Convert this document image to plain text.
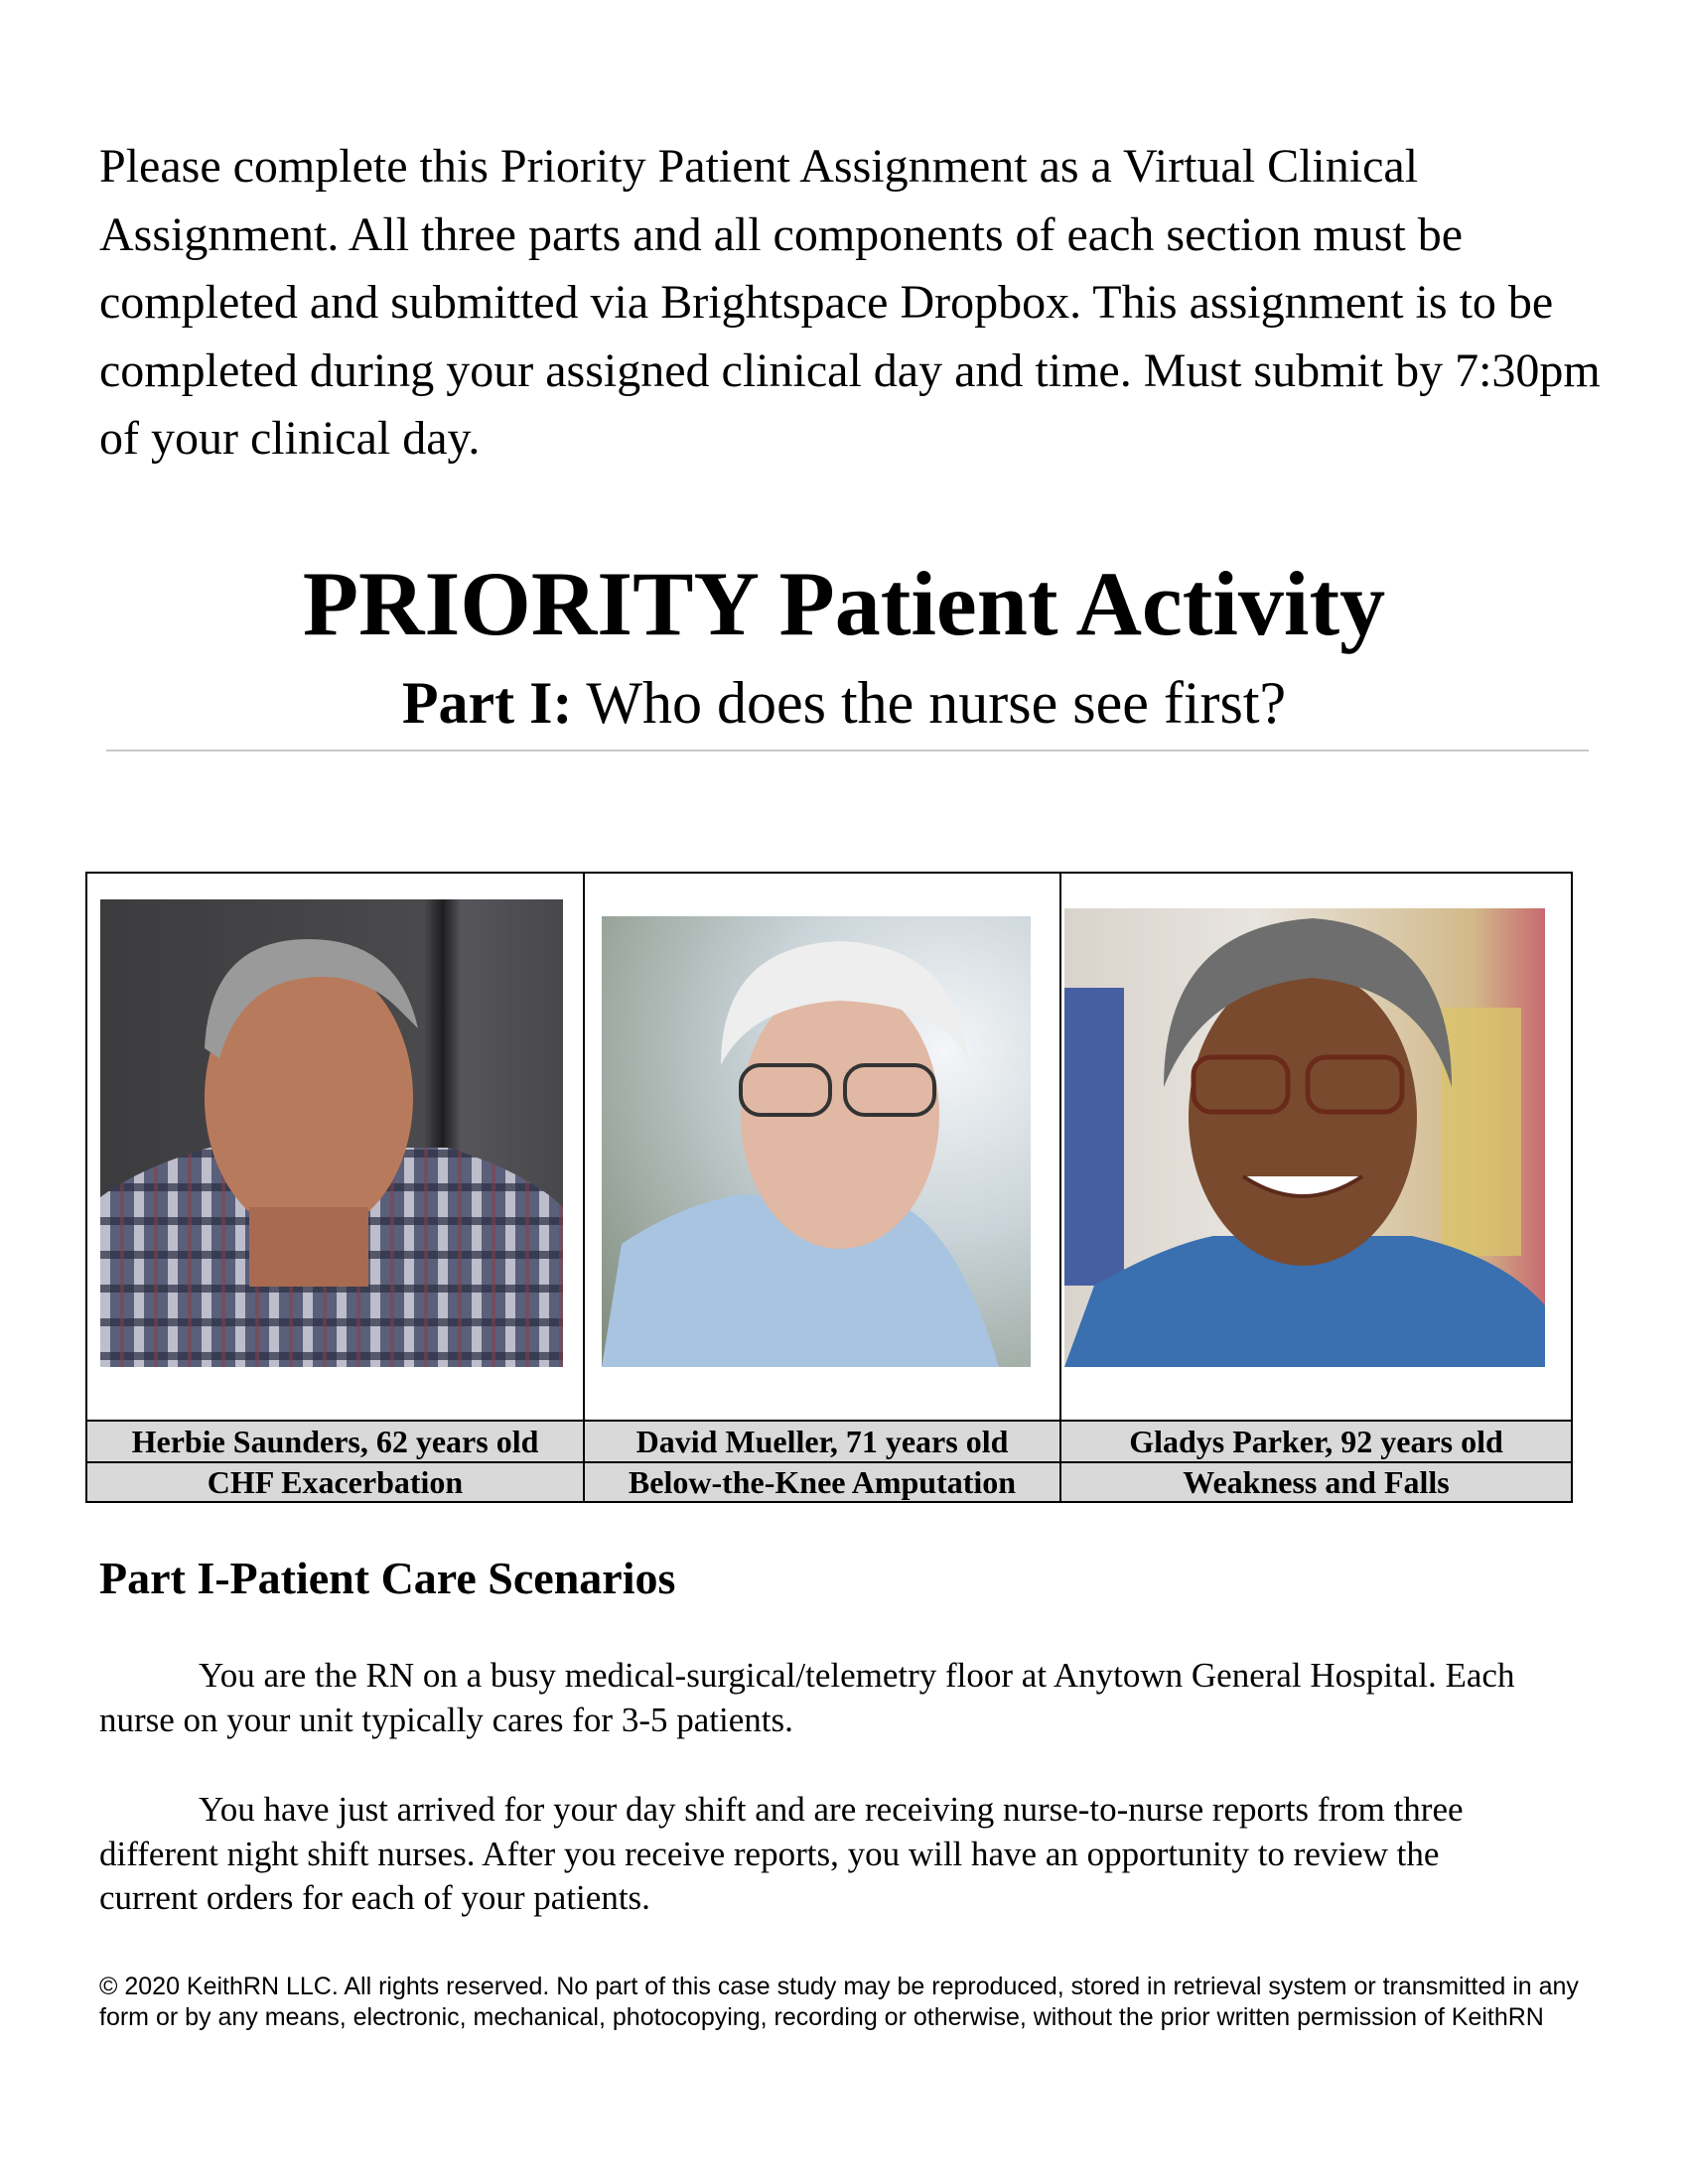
Please complete this Priority Patient Assignment as a Virtual Clinical Assignment. All three parts and all components of each section must be completed and submitted via Brightspace Dropbox. This assignment is to be completed during your assigned clinical day and time. Must submit by 7:30pm of your clinical day.
PRIORITY Patient Activity
Part I: Who does the nurse see first?
Herbie Saunders, 62 years old	David Mueller, 71 years old	Gladys Parker, 92 years old
CHF Exacerbation	Below-the-Knee Amputation	Weakness and Falls
Part I-Patient Care Scenarios
You are the RN on a busy medical-surgical/telemetry floor at Anytown General Hospital. Each nurse on your unit typically cares for 3-5 patients.
You have just arrived for your day shift and are receiving nurse-to-nurse reports from three different night shift nurses. After you receive reports, you will have an opportunity to review the current orders for each of your patients.
© 2020 KeithRN LLC. All rights reserved. No part of this case study may be reproduced, stored in retrieval system or transmitted in any form or by any means, electronic, mechanical, photocopying, recording or otherwise, without the prior written permission of KeithRN
